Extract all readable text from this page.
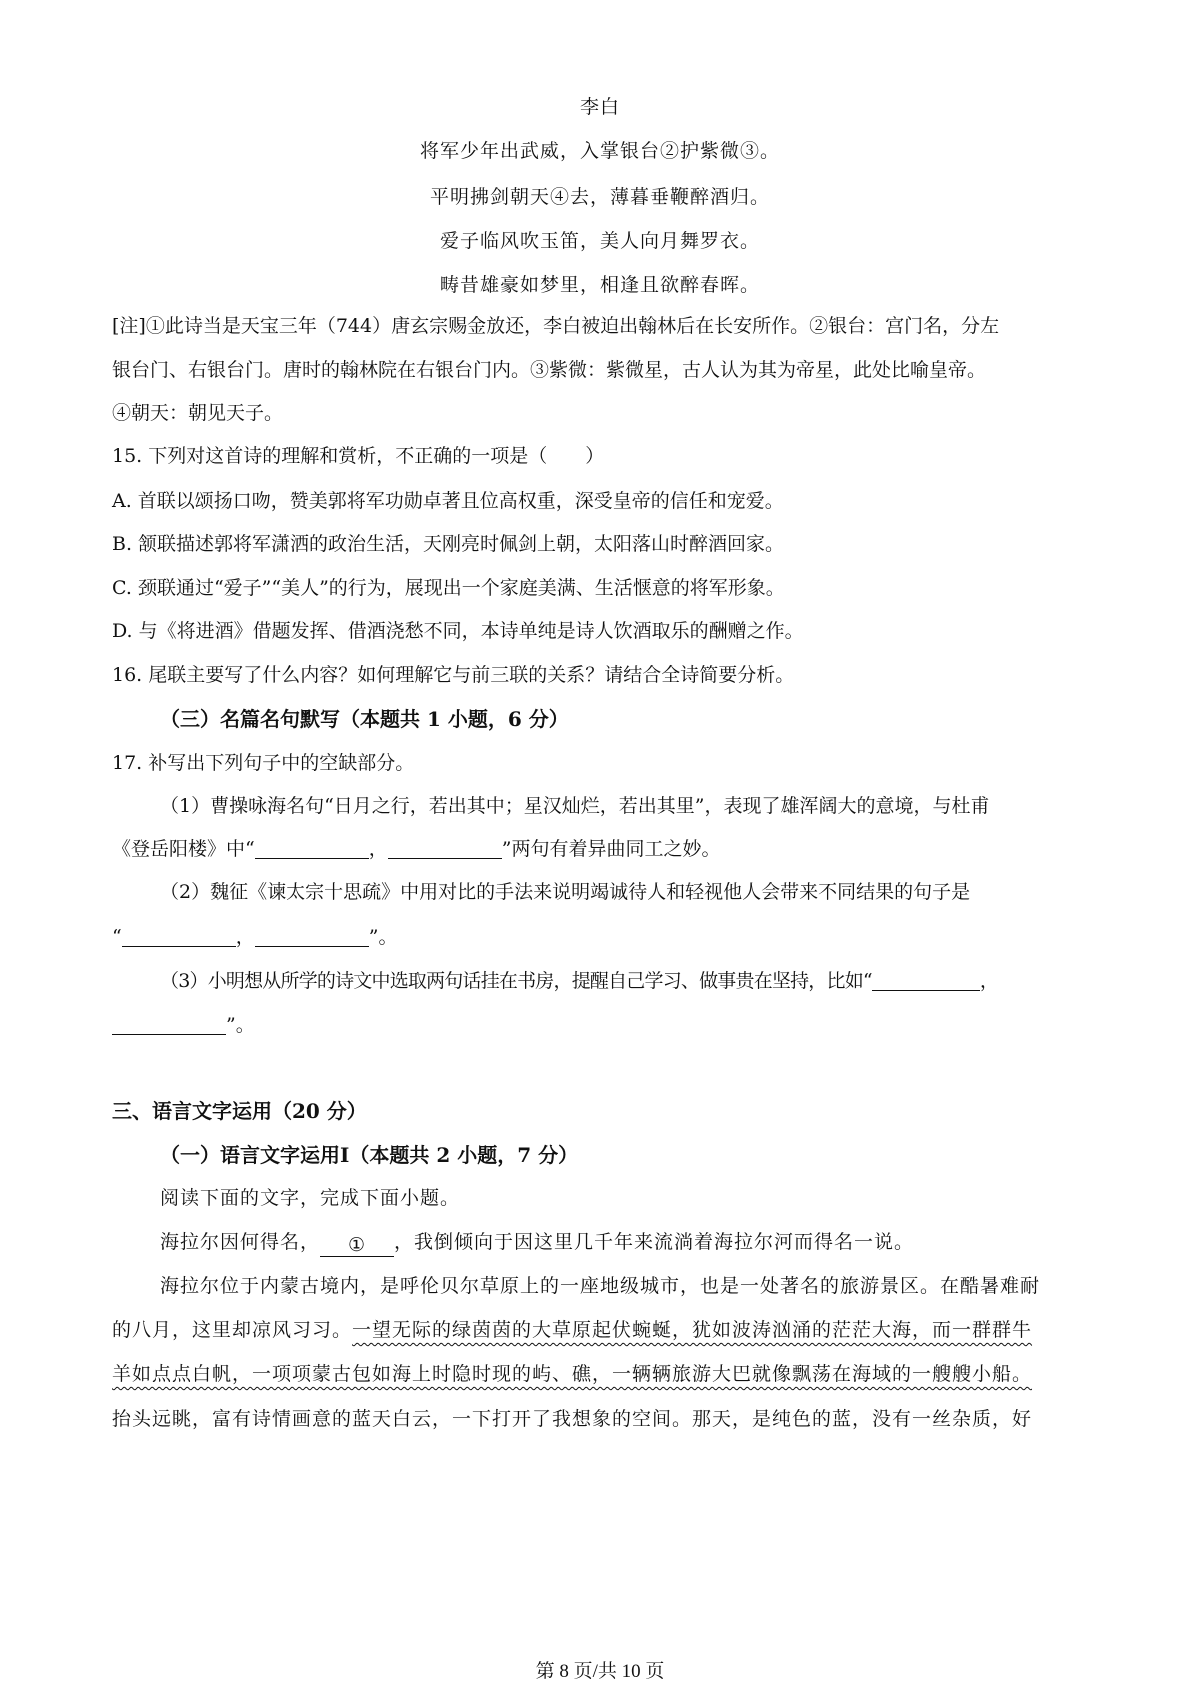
李白
将军少年出武威，入掌银台②护紫微③。
平明拂剑朝天④去，薄暮垂鞭醉酒归。
爱子临风吹玉笛，美人向月舞罗衣。
畴昔雄豪如梦里，相逢且欲醉春晖。
[注]①此诗当是天宝三年（744）唐玄宗赐金放还，李白被迫出翰林后在长安所作。②银台：宫门名，分左
银台门、右银台门。唐时的翰林院在右银台门内。③紫微：紫微星，古人认为其为帝星，此处比喻皇帝。
④朝天：朝见天子。
15. 下列对这首诗的理解和赏析，不正确的一项是（　　）
A. 首联以颂扬口吻，赞美郭将军功勋卓著且位高权重，深受皇帝的信任和宠爱。
B. 颔联描述郭将军潇洒的政治生活，天刚亮时佩剑上朝，太阳落山时醉酒回家。
C. 颈联通过“爱子”“美人”的行为，展现出一个家庭美满、生活惬意的将军形象。
D. 与《将进酒》借题发挥、借酒浇愁不同，本诗单纯是诗人饮酒取乐的酬赠之作。
16. 尾联主要写了什么内容？如何理解它与前三联的关系？请结合全诗简要分析。
（三）名篇名句默写（本题共 1 小题，6 分）
17. 补写出下列句子中的空缺部分。
（1）曹操咏海名句“日月之行，若出其中；星汉灿烂，若出其里”，表现了雄浑阔大的意境，与杜甫
《登岳阳楼》中“	，	”两句有着异曲同工之妙。
（2）魏征《谏太宗十思疏》中用对比的手法来说明竭诚待人和轻视他人会带来不同结果的句子是
“	，	”。
（3）小明想从所学的诗文中选取两句话挂在书房，提醒自己学习、做事贵在坚持，比如“	，
”。
三、语言文字运用（20 分）
（一）语言文字运用Ⅰ（本题共 2 小题，7 分）
阅读下面的文字，完成下面小题。
海拉尔因何得名， ① ，我倒倾向于因这里几千年来流淌着海拉尔河而得名一说。
海拉尔位于内蒙古境内，是呼伦贝尔草原上的一座地级城市，也是一处著名的旅游景区。在酷暑难耐
的八月，这里却凉风习习。一望无际的绿茵茵的大草原起伏蜿蜒，犹如波涛汹涌的茫茫大海，而一群群牛
羊如点点白帆，一项项蒙古包如海上时隐时现的屿、礁，一辆辆旅游大巴就像飘荡在海域的一艘艘小船。
抬头远眺，富有诗情画意的蓝天白云，一下打开了我想象的空间。那天，是纯色的蓝，没有一丝杂质，好
第 8 页/共 10 页
